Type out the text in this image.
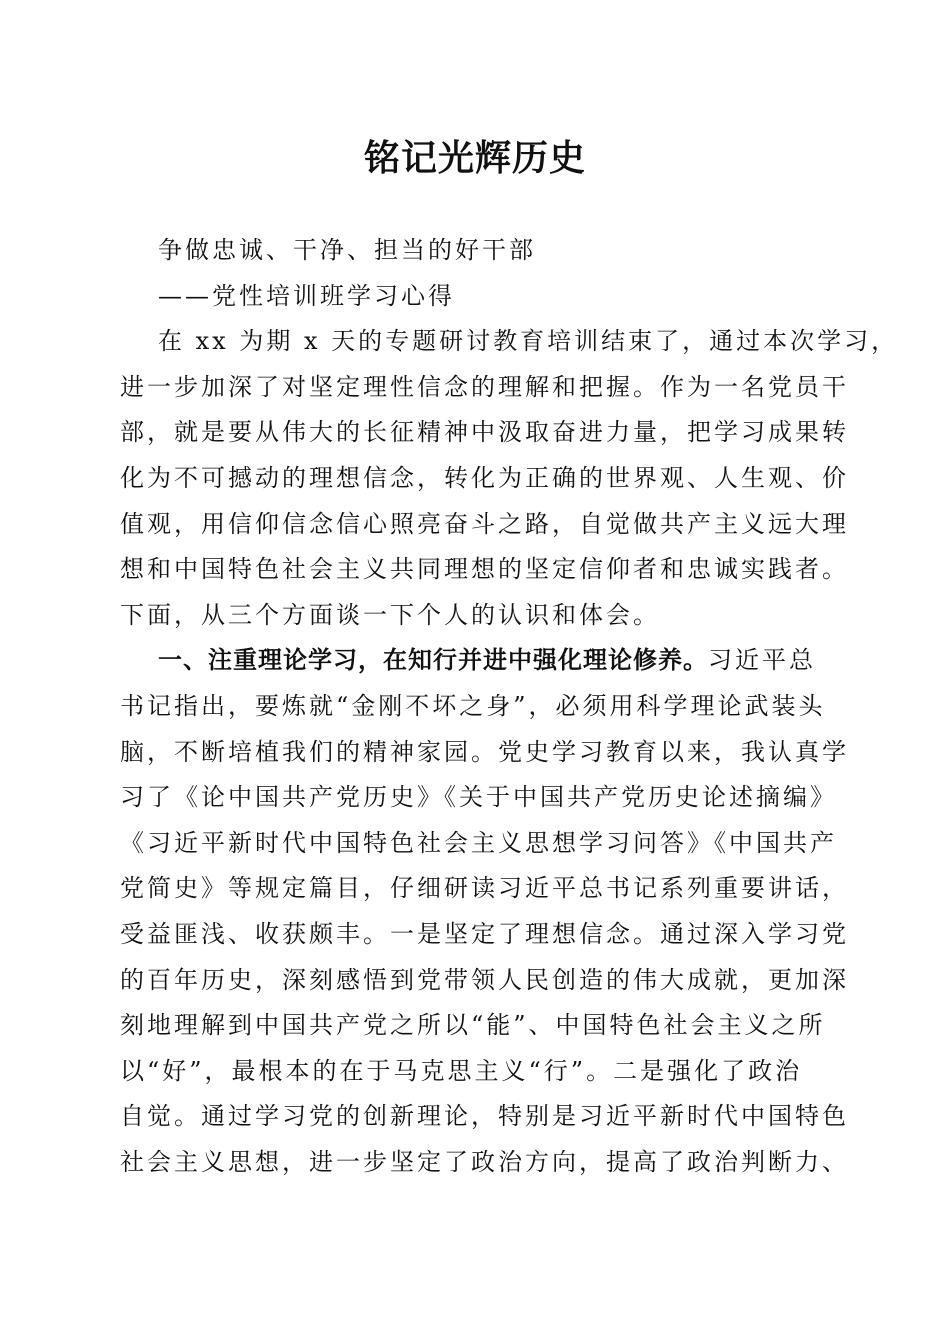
铭记光辉历史
争做忠诚、干净、担当的好干部
——党性培训班学习心得
在 xx 为期 x 天的专题研讨教育培训结束了，通过本次学习，
进一步加深了对坚定理性信念的理解和把握。作为一名党员干
部，就是要从伟大的长征精神中汲取奋进力量，把学习成果转
化为不可撼动的理想信念，转化为正确的世界观、人生观、价
值观，用信仰信念信心照亮奋斗之路，自觉做共产主义远大理
想和中国特色社会主义共同理想的坚定信仰者和忠诚实践者。
下面，从三个方面谈一下个人的认识和体会。
一、注重理论学习，在知行并进中强化理论修养。习近平总
书记指出，要炼就“金刚不坏之身”，必须用科学理论武装头
脑，不断培植我们的精神家园。党史学习教育以来，我认真学
习了《论中国共产党历史》《关于中国共产党历史论述摘编》
《习近平新时代中国特色社会主义思想学习问答》《中国共产
党简史》等规定篇目，仔细研读习近平总书记系列重要讲话，
受益匪浅、收获颇丰。一是坚定了理想信念。通过深入学习党
的百年历史，深刻感悟到党带领人民创造的伟大成就，更加深
刻地理解到中国共产党之所以“能”、中国特色社会主义之所
以“好”，最根本的在于马克思主义“行”。二是强化了政治
自觉。通过学习党的创新理论，特别是习近平新时代中国特色
社会主义思想，进一步坚定了政治方向，提高了政治判断力、
